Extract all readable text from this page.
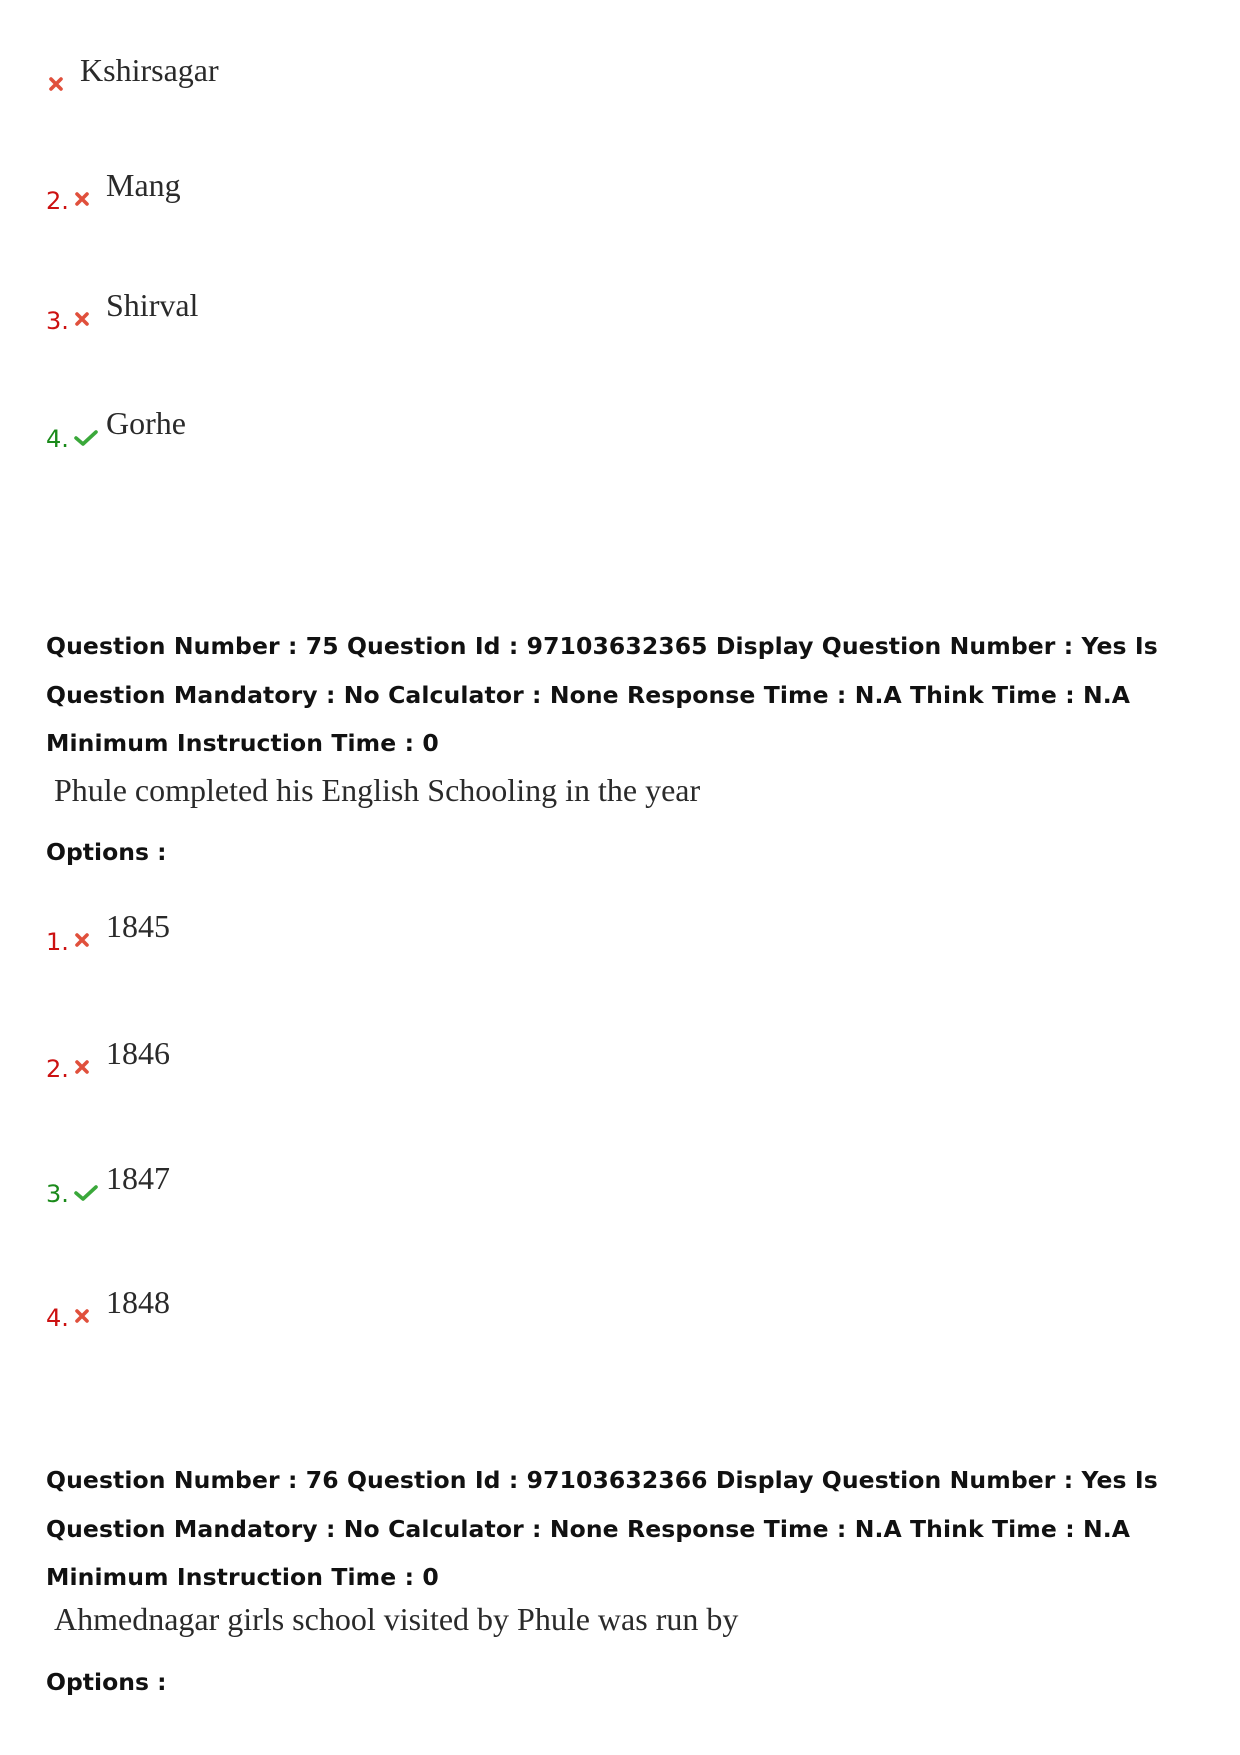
Kshirsagar
2. Mang
3. Shirval
4. Gorhe
Question Number : 75 Question Id : 97103632365 Display Question Number : Yes Is Question Mandatory : No Calculator : None Response Time : N.A Think Time : N.A Minimum Instruction Time : 0
Phule completed his English Schooling in the year
Options :
1. 1845
2. 1846
3. 1847
4. 1848
Question Number : 76 Question Id : 97103632366 Display Question Number : Yes Is Question Mandatory : No Calculator : None Response Time : N.A Think Time : N.A Minimum Instruction Time : 0
Ahmednagar girls school visited by Phule was run by
Options :
